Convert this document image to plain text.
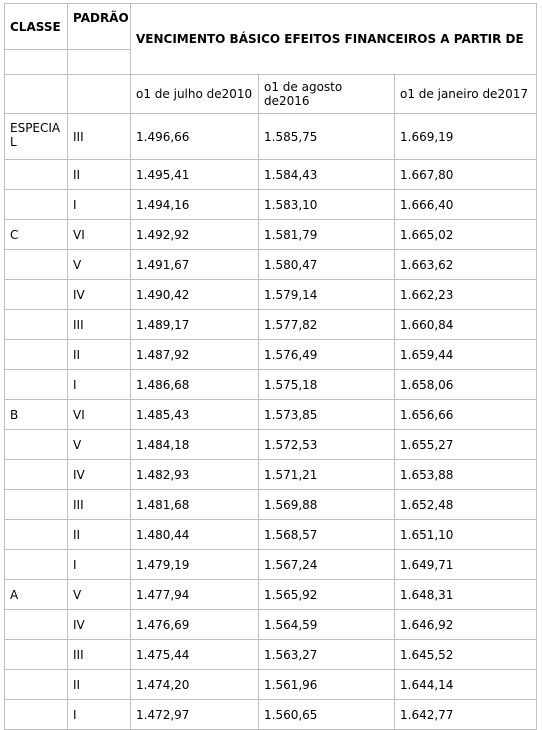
CLASSE	PADRÃO	VENCIMENTO BÁSICO EFEITOS FINANCEIROS A PARTIR DE		

		o1 de julho de2010	o1 de agosto de2016	o1 de janeiro de2017
ESPECIAL	III	1.496,66	1.585,75	1.669,19
	II	1.495,41	1.584,43	1.667,80
	I	1.494,16	1.583,10	1.666,40
C	VI	1.492,92	1.581,79	1.665,02
	V	1.491,67	1.580,47	1.663,62
	IV	1.490,42	1.579,14	1.662,23
	III	1.489,17	1.577,82	1.660,84
	II	1.487,92	1.576,49	1.659,44
	I	1.486,68	1.575,18	1.658,06
B	VI	1.485,43	1.573,85	1.656,66
	V	1.484,18	1.572,53	1.655,27
	IV	1.482,93	1.571,21	1.653,88
	III	1.481,68	1.569,88	1.652,48
	II	1.480,44	1.568,57	1.651,10
	I	1.479,19	1.567,24	1.649,71
A	V	1.477,94	1.565,92	1.648,31
	IV	1.476,69	1.564,59	1.646,92
	III	1.475,44	1.563,27	1.645,52
	II	1.474,20	1.561,96	1.644,14
	I	1.472,97	1.560,65	1.642,77
